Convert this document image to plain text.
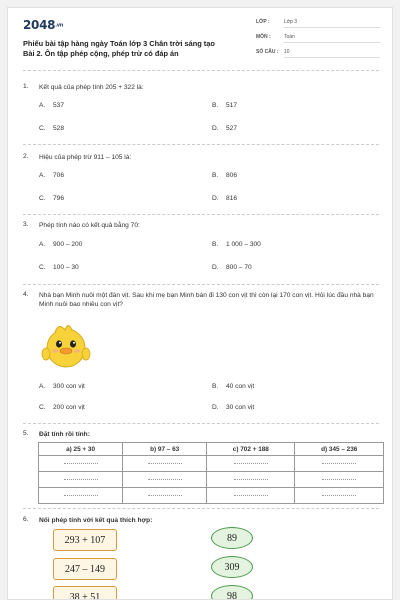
2048.vn
Phiếu bài tập hàng ngày Toán lớp 3 Chân trời sáng tạo Bài 2. Ôn tập phép cộng, phép trừ có đáp án
LỚP :	Lớp 3
MÔN :	Toán
SỐ CÂU :	10
1. Kết quả của phép tính 205 + 322 là:
A. 537	B. 517
C. 528	D. 527
2. Hiệu của phép trừ 911 – 105 là:
A. 706	B. 806
C. 796	D. 816
3. Phép tính nào có kết quả bằng 70:
A. 900 – 200	B. 1 000 – 300
C. 100 – 30	D. 800 – 70
4. Nhà bạn Minh nuôi một đàn vịt. Sau khi mẹ bạn Minh bán đi 130 con vịt thì còn lại 170 con vịt. Hỏi lúc đầu nhà bạn Minh nuôi bao nhiêu con vịt?
A. 300 con vịt	B. 40 con vịt
C. 200 con vịt	D. 30 con vịt
5. Đặt tính rồi tính:
a) 25 + 30	b) 97 – 63	c) 702 + 188	d) 345 – 236

6. Nối phép tính với kết quả thích hợp:
293 + 107
247 – 149
38 + 51
89
309
98
